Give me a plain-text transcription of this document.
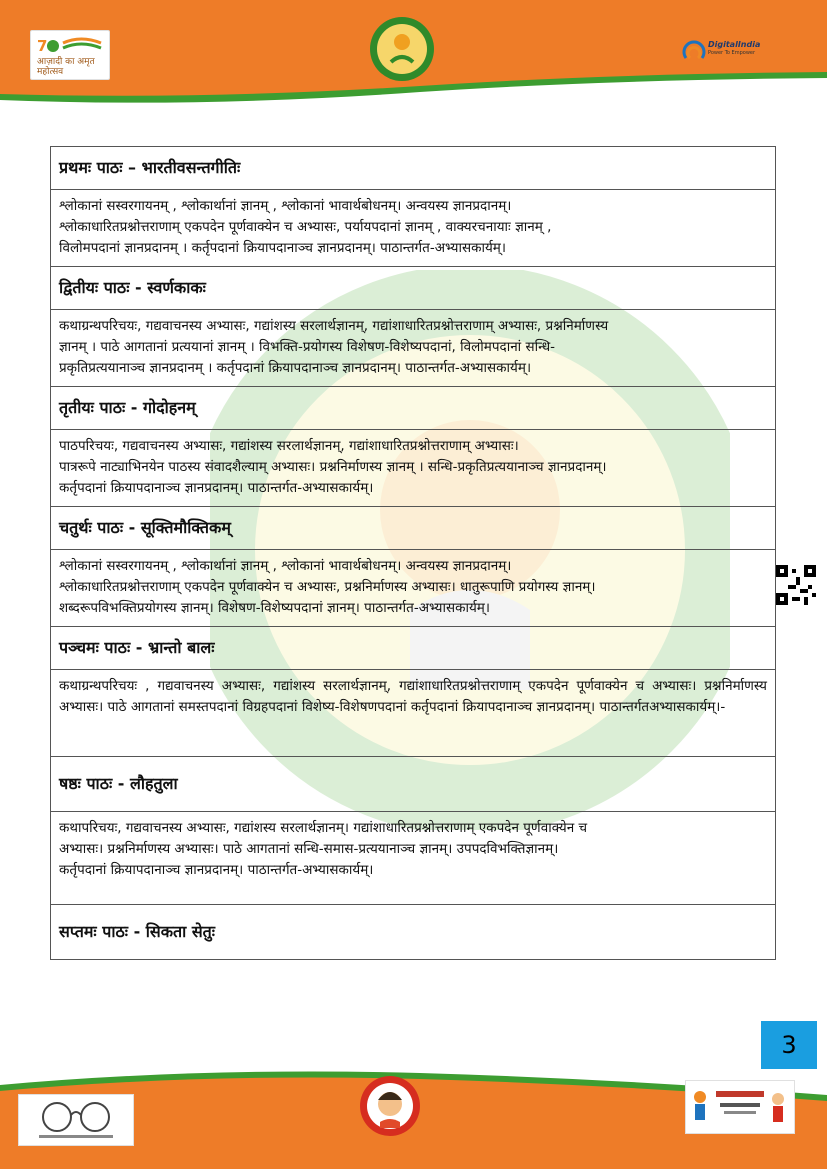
7
आज़ादी का अमृत महोत्सव
DigitalIndia
Power To Empower
प्रथमः पाठः – भारतीवसन्तगीतिः

श्लोकानां सस्वरगायनम् , श्लोकार्थानां ज्ञानम् , श्लोकानां भावार्थबोधनम्। अन्वयस्य ज्ञानप्रदानम्।
श्लोकाधारितप्रश्नोत्तराणाम् एकपदेन पूर्णवाक्येन च अभ्यासः, पर्यायपदानां ज्ञानम् , वाक्यरचनायाः ज्ञानम् ,
विलोमपदानां ज्ञानप्रदानम् । कर्तृपदानां क्रियापदानाञ्च ज्ञानप्रदानम्। पाठान्तर्गत-अभ्यासकार्यम्।

द्वितीयः पाठः - स्वर्णकाकः

कथाग्रन्थपरिचयः, गद्यवाचनस्य अभ्यासः, गद्यांशस्य सरलार्थज्ञानम्, गद्यांशाधारितप्रश्नोत्तराणाम् अभ्यासः, प्रश्ननिर्माणस्य
ज्ञानम् । पाठे आगतानां प्रत्ययानां ज्ञानम् । विभक्ति-प्रयोगस्य विशेषण-विशेष्यपदानां, विलोमपदानां सन्धि-
प्रकृतिप्रत्ययानाञ्च ज्ञानप्रदानम् । कर्तृपदानां क्रियापदानाञ्च ज्ञानप्रदानम्। पाठान्तर्गत-अभ्यासकार्यम्।

तृतीयः पाठः - गोदोहनम्

पाठपरिचयः, गद्यवाचनस्य अभ्यासः, गद्यांशस्य सरलार्थज्ञानम्, गद्यांशाधारितप्रश्नोत्तराणाम् अभ्यासः।
पात्ररूपे नाट्याभिनयेन पाठस्य संवादशैल्याम् अभ्यासः। प्रश्ननिर्माणस्य ज्ञानम् । सन्धि-प्रकृतिप्रत्ययानाञ्च ज्ञानप्रदानम्।
कर्तृपदानां क्रियापदानाञ्च ज्ञानप्रदानम्। पाठान्तर्गत-अभ्यासकार्यम्।

चतुर्थः पाठः - सूक्तिमौक्तिकम्

श्लोकानां सस्वरगायनम् , श्लोकार्थानां ज्ञानम् , श्लोकानां भावार्थबोधनम्। अन्वयस्य ज्ञानप्रदानम्।
श्लोकाधारितप्रश्नोत्तराणाम् एकपदेन पूर्णवाक्येन च अभ्यासः, प्रश्ननिर्माणस्य अभ्यासः। धातुरूपाणि प्रयोगस्य ज्ञानम्।
शब्दरूपविभक्तिप्रयोगस्य ज्ञानम्। विशेषण-विशेष्यपदानां ज्ञानम्। पाठान्तर्गत-अभ्यासकार्यम्।

पञ्चमः पाठः - भ्रान्तो बालः

कथाग्रन्थपरिचयः , गद्यवाचनस्य अभ्यासः, गद्यांशस्य सरलार्थज्ञानम्, गद्यांशाधारितप्रश्नोत्तराणाम् एकपदेन पूर्णवाक्येन च अभ्यासः। प्रश्ननिर्माणस्य अभ्यासः। पाठे आगतानां समस्तपदानां विग्रहपदानां विशेष्य-विशेषणपदानां कर्तृपदानां क्रियापदानाञ्च ज्ञानप्रदानम्। पाठान्तर्गतअभ्यासकार्यम्।-

षष्ठः पाठः - लौहतुला

कथापरिचयः, गद्यवाचनस्य अभ्यासः, गद्यांशस्य सरलार्थज्ञानम्। गद्यांशाधारितप्रश्नोत्तराणाम् एकपदेन पूर्णवाक्येन च
अभ्यासः। प्रश्ननिर्माणस्य अभ्यासः। पाठे आगतानां सन्धि-समास-प्रत्ययानाञ्च ज्ञानम्। उपपदविभक्तिज्ञानम्।
कर्तृपदानां क्रियापदानाञ्च ज्ञानप्रदानम्। पाठान्तर्गत-अभ्यासकार्यम्।

सप्तमः पाठः - सिकता सेतुः
3
